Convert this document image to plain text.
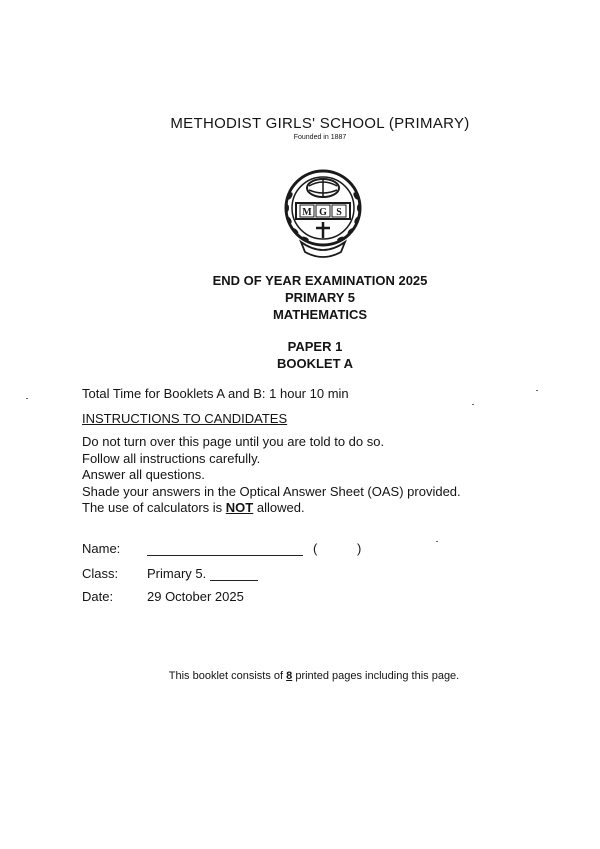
METHODIST GIRLS' SCHOOL (PRIMARY)
Founded in 1887
M G S
END OF YEAR EXAMINATION 2025
PRIMARY 5
MATHEMATICS
PAPER 1
BOOKLET A
Total Time for Booklets A and B: 1 hour 10 min
INSTRUCTIONS TO CANDIDATES
Do not turn over this page until you are told to do so.
Follow all instructions carefully.
Answer all questions.
Shade your answers in the Optical Answer Sheet (OAS) provided.
The use of calculators is NOT allowed.
Name:	( )
Class:	Primary 5.
Date:	29 October 2025
This booklet consists of 8 printed pages including this page.
